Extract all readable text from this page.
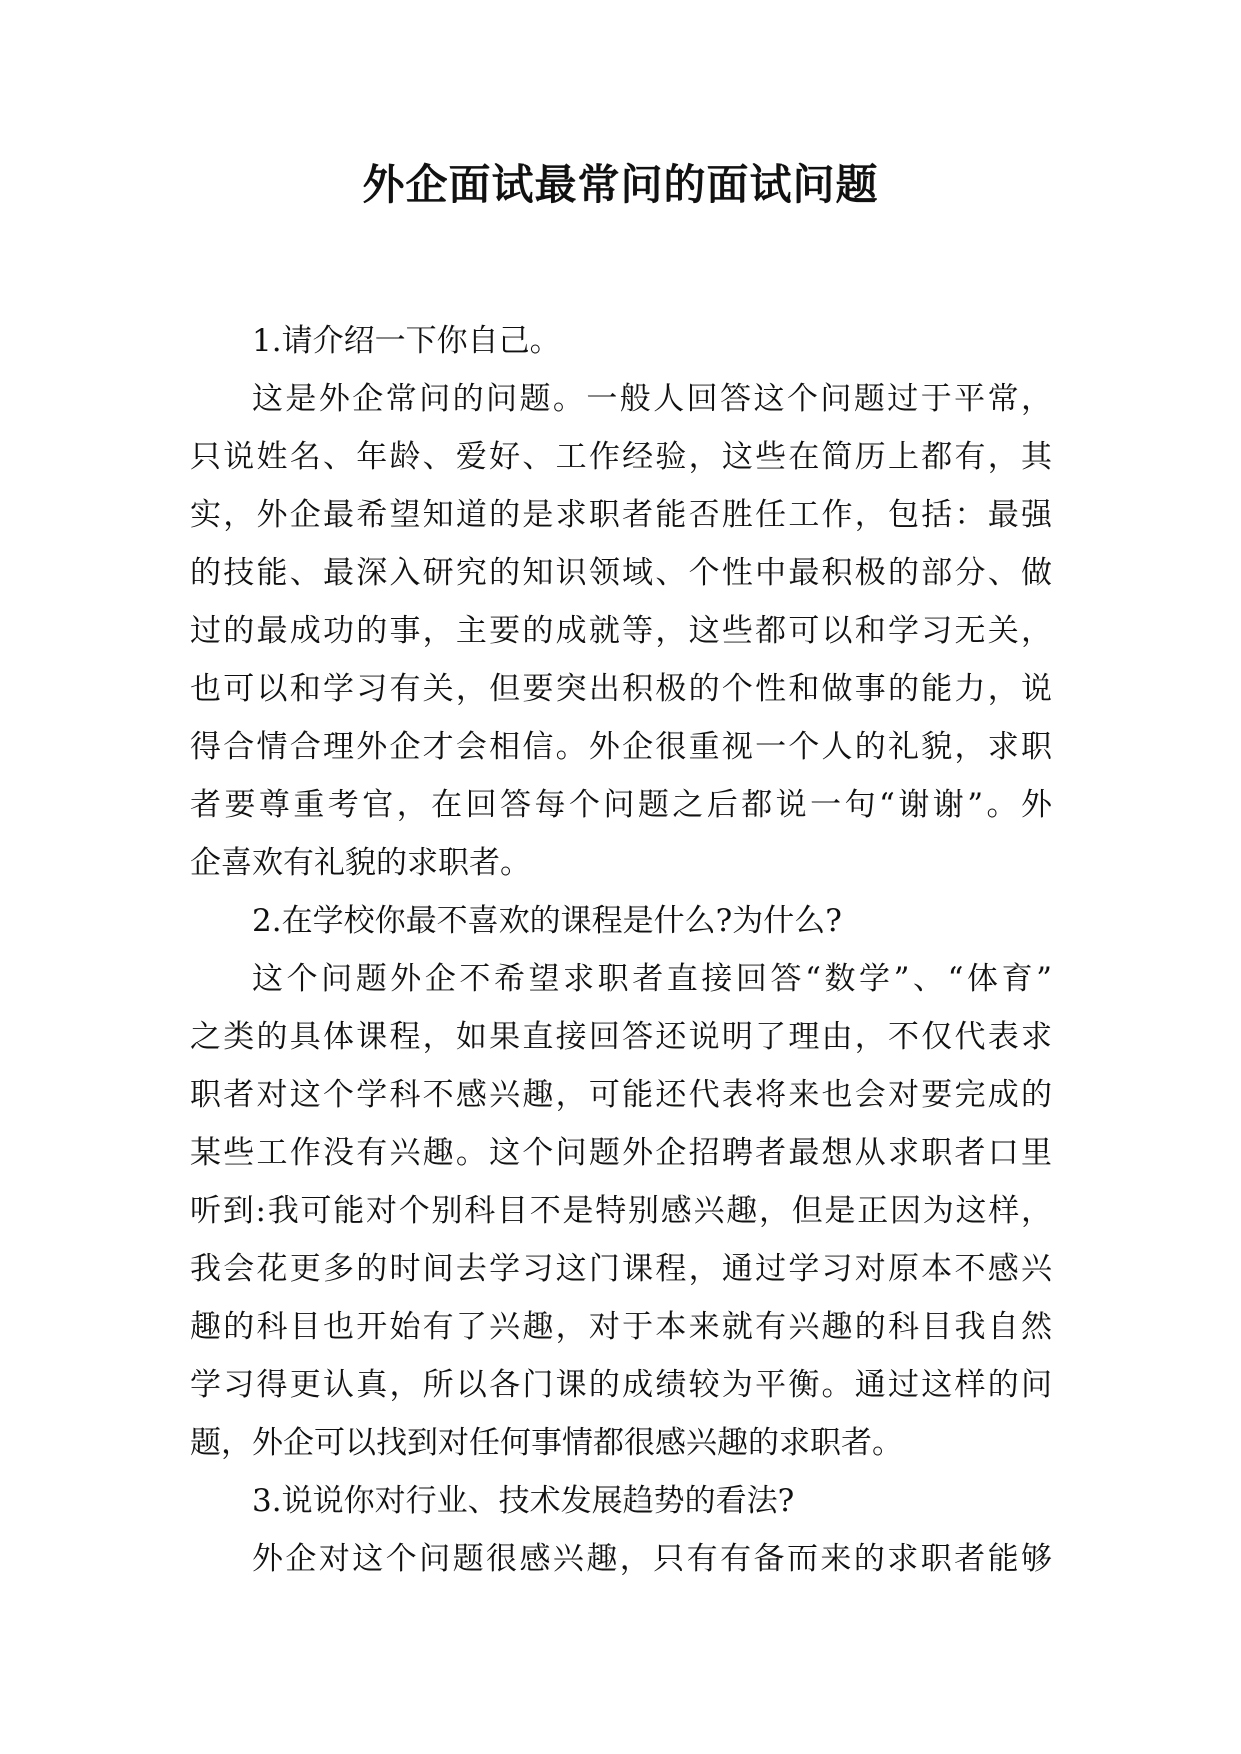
外企面试最常问的面试问题

1.请介绍一下你自己。

这是外企常问的问题。一般人回答这个问题过于平常，

只说姓名、年龄、爱好、工作经验，这些在简历上都有，其

实，外企最希望知道的是求职者能否胜任工作，包括：最强

的技能、最深入研究的知识领域、个性中最积极的部分、做

过的最成功的事，主要的成就等，这些都可以和学习无关，

也可以和学习有关，但要突出积极的个性和做事的能力，说

得合情合理外企才会相信。外企很重视一个人的礼貌，求职

者要尊重考官，在回答每个问题之后都说一句“谢谢”。外

企喜欢有礼貌的求职者。

2.在学校你最不喜欢的课程是什么?为什么?

这个问题外企不希望求职者直接回答“数学”、“体育”

之类的具体课程，如果直接回答还说明了理由，不仅代表求

职者对这个学科不感兴趣，可能还代表将来也会对要完成的

某些工作没有兴趣。这个问题外企招聘者最想从求职者口里

听到:我可能对个别科目不是特别感兴趣，但是正因为这样，

我会花更多的时间去学习这门课程，通过学习对原本不感兴

趣的科目也开始有了兴趣，对于本来就有兴趣的科目我自然

学习得更认真，所以各门课的成绩较为平衡。通过这样的问

题，外企可以找到对任何事情都很感兴趣的求职者。

3.说说你对行业、技术发展趋势的看法?

外企对这个问题很感兴趣，只有有备而来的求职者能够
